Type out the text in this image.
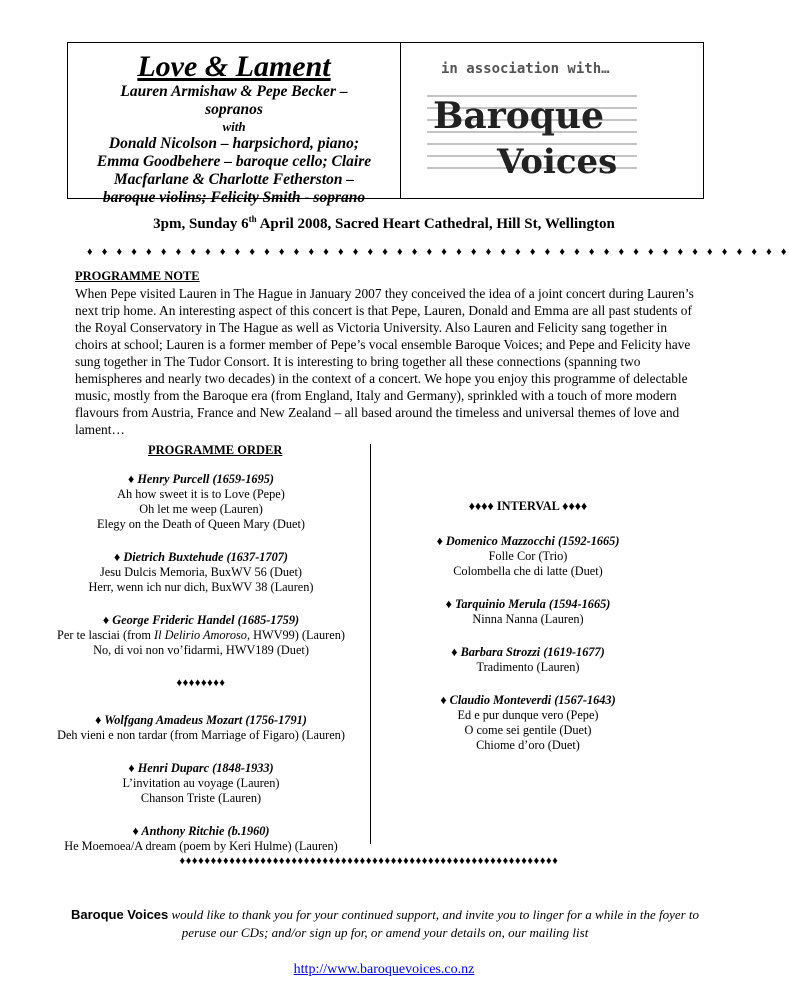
Love & Lament
Lauren Armishaw & Pepe Becker –
sopranos
with
Donald Nicolson – harpsichord, piano;
Emma Goodbehere – baroque cello; Claire
Macfarlane & Charlotte Fetherston –
baroque violins; Felicity Smith - soprano
in association with…
Baroque
Voices
3pm, Sunday 6th April 2008, Sacred Heart Cathedral, Hill St, Wellington
♦ ♦ ♦ ♦ ♦ ♦ ♦ ♦ ♦ ♦ ♦ ♦ ♦ ♦ ♦ ♦ ♦ ♦ ♦ ♦ ♦ ♦ ♦ ♦ ♦ ♦ ♦ ♦ ♦ ♦ ♦ ♦ ♦ ♦ ♦ ♦ ♦ ♦ ♦ ♦ ♦ ♦ ♦ ♦ ♦ ♦ ♦ ♦
PROGRAMME NOTE
When Pepe visited Lauren in The Hague in January 2007 they conceived the idea of a joint concert during Lauren’s next trip home. An interesting aspect of this concert is that Pepe, Lauren, Donald and Emma are all past students of the Royal Conservatory in The Hague as well as Victoria University. Also Lauren and Felicity sang together in choirs at school; Lauren is a former member of Pepe’s vocal ensemble Baroque Voices; and Pepe and Felicity have sung together in The Tudor Consort. It is interesting to bring together all these connections (spanning two hemispheres and nearly two decades) in the context of a concert. We hope you enjoy this programme of delectable music, mostly from the Baroque era (from England, Italy and Germany), sprinkled with a touch of more modern flavours from Austria, France and New Zealand – all based around the timeless and universal themes of love and lament…
PROGRAMME ORDER
♦ Henry Purcell (1659-1695)
Ah how sweet it is to Love (Pepe)
Oh let me weep (Lauren)
Elegy on the Death of Queen Mary (Duet)
♦ Dietrich Buxtehude (1637-1707)
Jesu Dulcis Memoria, BuxWV 56 (Duet)
Herr, wenn ich nur dich, BuxWV 38 (Lauren)
♦ George Frideric Handel (1685-1759)
Per te lasciai (from Il Delirio Amoroso, HWV99) (Lauren)
No, di voi non vo’fidarmi, HWV189 (Duet)
♦♦♦♦♦♦♦♦
♦ Wolfgang Amadeus Mozart (1756-1791)
Deh vieni e non tardar (from Marriage of Figaro) (Lauren)
♦ Henri Duparc (1848-1933)
L’invitation au voyage (Lauren)
Chanson Triste (Lauren)
♦ Anthony Ritchie (b.1960)
He Moemoea/A dream (poem by Keri Hulme) (Lauren)
♦♦♦♦ INTERVAL ♦♦♦♦
♦ Domenico Mazzocchi (1592-1665)
Folle Cor (Trio)
Colombella che di latte (Duet)
♦ Tarquinio Merula (1594-1665)
Ninna Nanna (Lauren)
♦ Barbara Strozzi (1619-1677)
Tradimento (Lauren)
♦ Claudio Monteverdi (1567-1643)
Ed e pur dunque vero (Pepe)
O come sei gentile (Duet)
Chiome d’oro (Duet)
♦♦♦♦♦♦♦♦♦♦♦♦♦♦♦♦♦♦♦♦♦♦♦♦♦♦♦♦♦♦♦♦♦♦♦♦♦♦♦♦♦♦♦♦♦♦♦♦♦♦♦♦♦♦♦♦♦♦♦♦♦
Baroque Voices would like to thank you for your continued support, and invite you to linger for a while in the foyer to
peruse our CDs; and/or sign up for, or amend your details on, our mailing list
http://www.baroquevoices.co.nz
